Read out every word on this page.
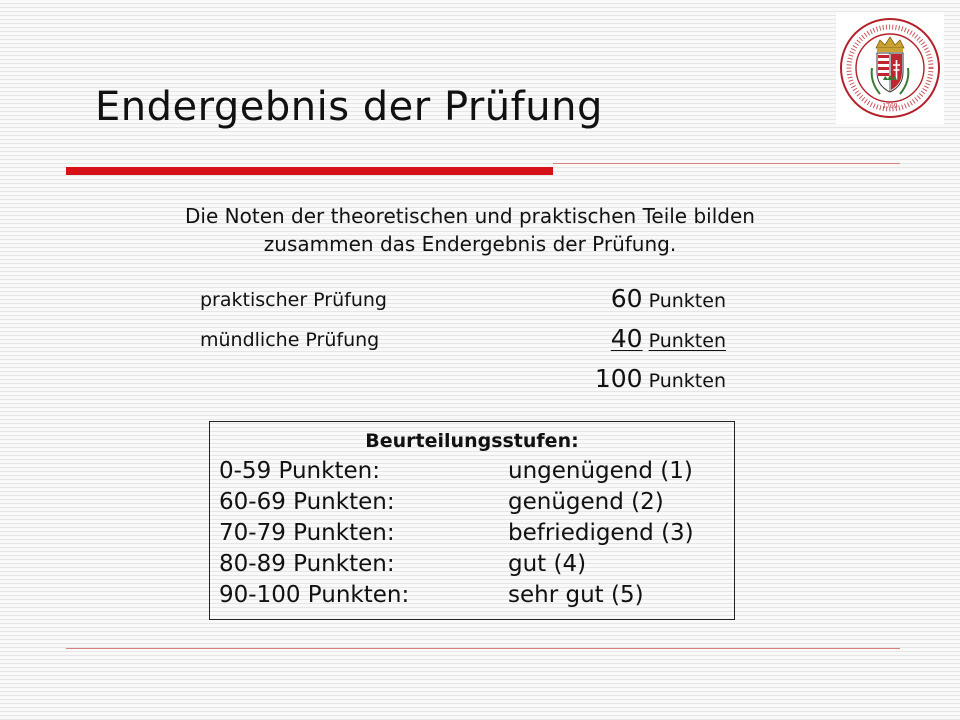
Endergebnis der Prüfung	1769
Die Noten der theoretischen und praktischen Teile bilden
zusammen das Endergebnis der Prüfung.
praktischer Prüfung	60 Punkten
mündliche Prüfung	40 Punkten
100 Punkten
Beurteilungsstufen:
0-59 Punkten:	ungenügend (1)
60-69 Punkten:	genügend (2)
70-79 Punkten:	befriedigend (3)
80-89 Punkten:	gut (4)
90-100 Punkten:	sehr gut (5)
